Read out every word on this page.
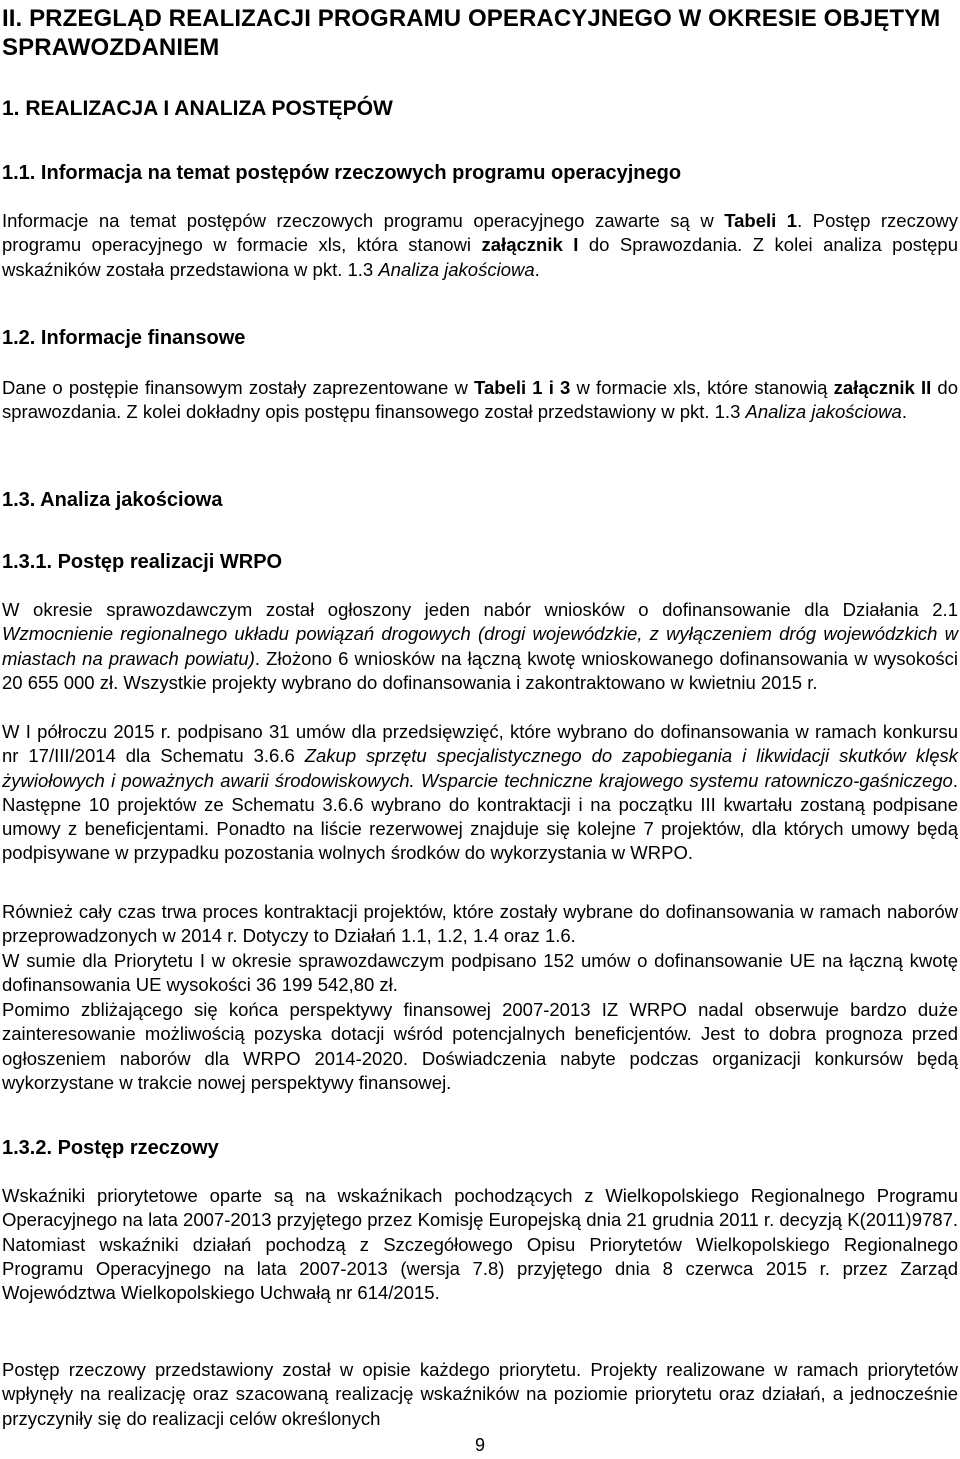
II. PRZEGLĄD REALIZACJI PROGRAMU OPERACYJNEGO W OKRESIE OBJĘTYM SPRAWOZDANIEM
1. REALIZACJA I ANALIZA POSTĘPÓW
1.1. Informacja na temat postępów rzeczowych programu operacyjnego
Informacje na temat postępów rzeczowych programu operacyjnego zawarte są w Tabeli 1. Postęp rzeczowy programu operacyjnego w formacie xls, która stanowi załącznik I do Sprawozdania. Z kolei analiza postępu wskaźników została przedstawiona w pkt. 1.3 Analiza jakościowa.
1.2. Informacje finansowe
Dane o postępie finansowym zostały zaprezentowane w Tabeli 1 i 3 w formacie xls, które stanowią załącznik II do sprawozdania. Z kolei dokładny opis postępu finansowego został przedstawiony w pkt. 1.3 Analiza jakościowa.
1.3. Analiza jakościowa
1.3.1. Postęp realizacji WRPO
W okresie sprawozdawczym został ogłoszony jeden nabór wniosków o dofinansowanie dla Działania 2.1 Wzmocnienie regionalnego układu powiązań drogowych (drogi wojewódzkie, z wyłączeniem dróg wojewódzkich w miastach na prawach powiatu). Złożono 6 wniosków na łączną kwotę wnioskowanego dofinansowania w wysokości 20 655 000 zł. Wszystkie projekty wybrano do dofinansowania i zakontraktowano w kwietniu 2015 r.
W I półroczu 2015 r. podpisano 31 umów dla przedsięwzięć, które wybrano do dofinansowania w ramach konkursu nr 17/III/2014 dla Schematu 3.6.6 Zakup sprzętu specjalistycznego do zapobiegania i likwidacji skutków klęsk żywiołowych i poważnych awarii środowiskowych. Wsparcie techniczne krajowego systemu ratowniczo-gaśniczego. Następne 10 projektów ze Schematu 3.6.6 wybrano do kontraktacji i na początku III kwartału zostaną podpisane umowy z beneficjentami. Ponadto na liście rezerwowej znajduje się kolejne 7 projektów, dla których umowy będą podpisywane w przypadku pozostania wolnych środków do wykorzystania w WRPO.
Również cały czas trwa proces kontraktacji projektów, które zostały wybrane do dofinansowania w ramach naborów przeprowadzonych w 2014 r. Dotyczy to Działań 1.1, 1.2, 1.4 oraz 1.6.
W sumie dla Priorytetu I w okresie sprawozdawczym podpisano 152 umów o dofinansowanie UE na łączną kwotę dofinansowania UE wysokości 36 199 542,80 zł.
Pomimo zbliżającego się końca perspektywy finansowej 2007-2013 IZ WRPO nadal obserwuje bardzo duże zainteresowanie możliwością pozyska dotacji wśród potencjalnych beneficjentów. Jest to dobra prognoza przed ogłoszeniem naborów dla WRPO 2014-2020. Doświadczenia nabyte podczas organizacji konkursów będą wykorzystane w trakcie nowej perspektywy finansowej.
1.3.2. Postęp rzeczowy
Wskaźniki priorytetowe oparte są na wskaźnikach pochodzących z Wielkopolskiego Regionalnego Programu Operacyjnego na lata 2007-2013 przyjętego przez Komisję Europejską dnia 21 grudnia 2011 r. decyzją K(2011)9787. Natomiast wskaźniki działań pochodzą z Szczegółowego Opisu Priorytetów Wielkopolskiego Regionalnego Programu Operacyjnego na lata 2007-2013 (wersja 7.8) przyjętego dnia 8 czerwca 2015 r. przez Zarząd Województwa Wielkopolskiego Uchwałą nr 614/2015.
Postęp rzeczowy przedstawiony został w opisie każdego priorytetu. Projekty realizowane w ramach priorytetów wpłynęły na realizację oraz szacowaną realizację wskaźników na poziomie priorytetu oraz działań, a jednocześnie przyczyniły się do realizacji celów określonych
9
